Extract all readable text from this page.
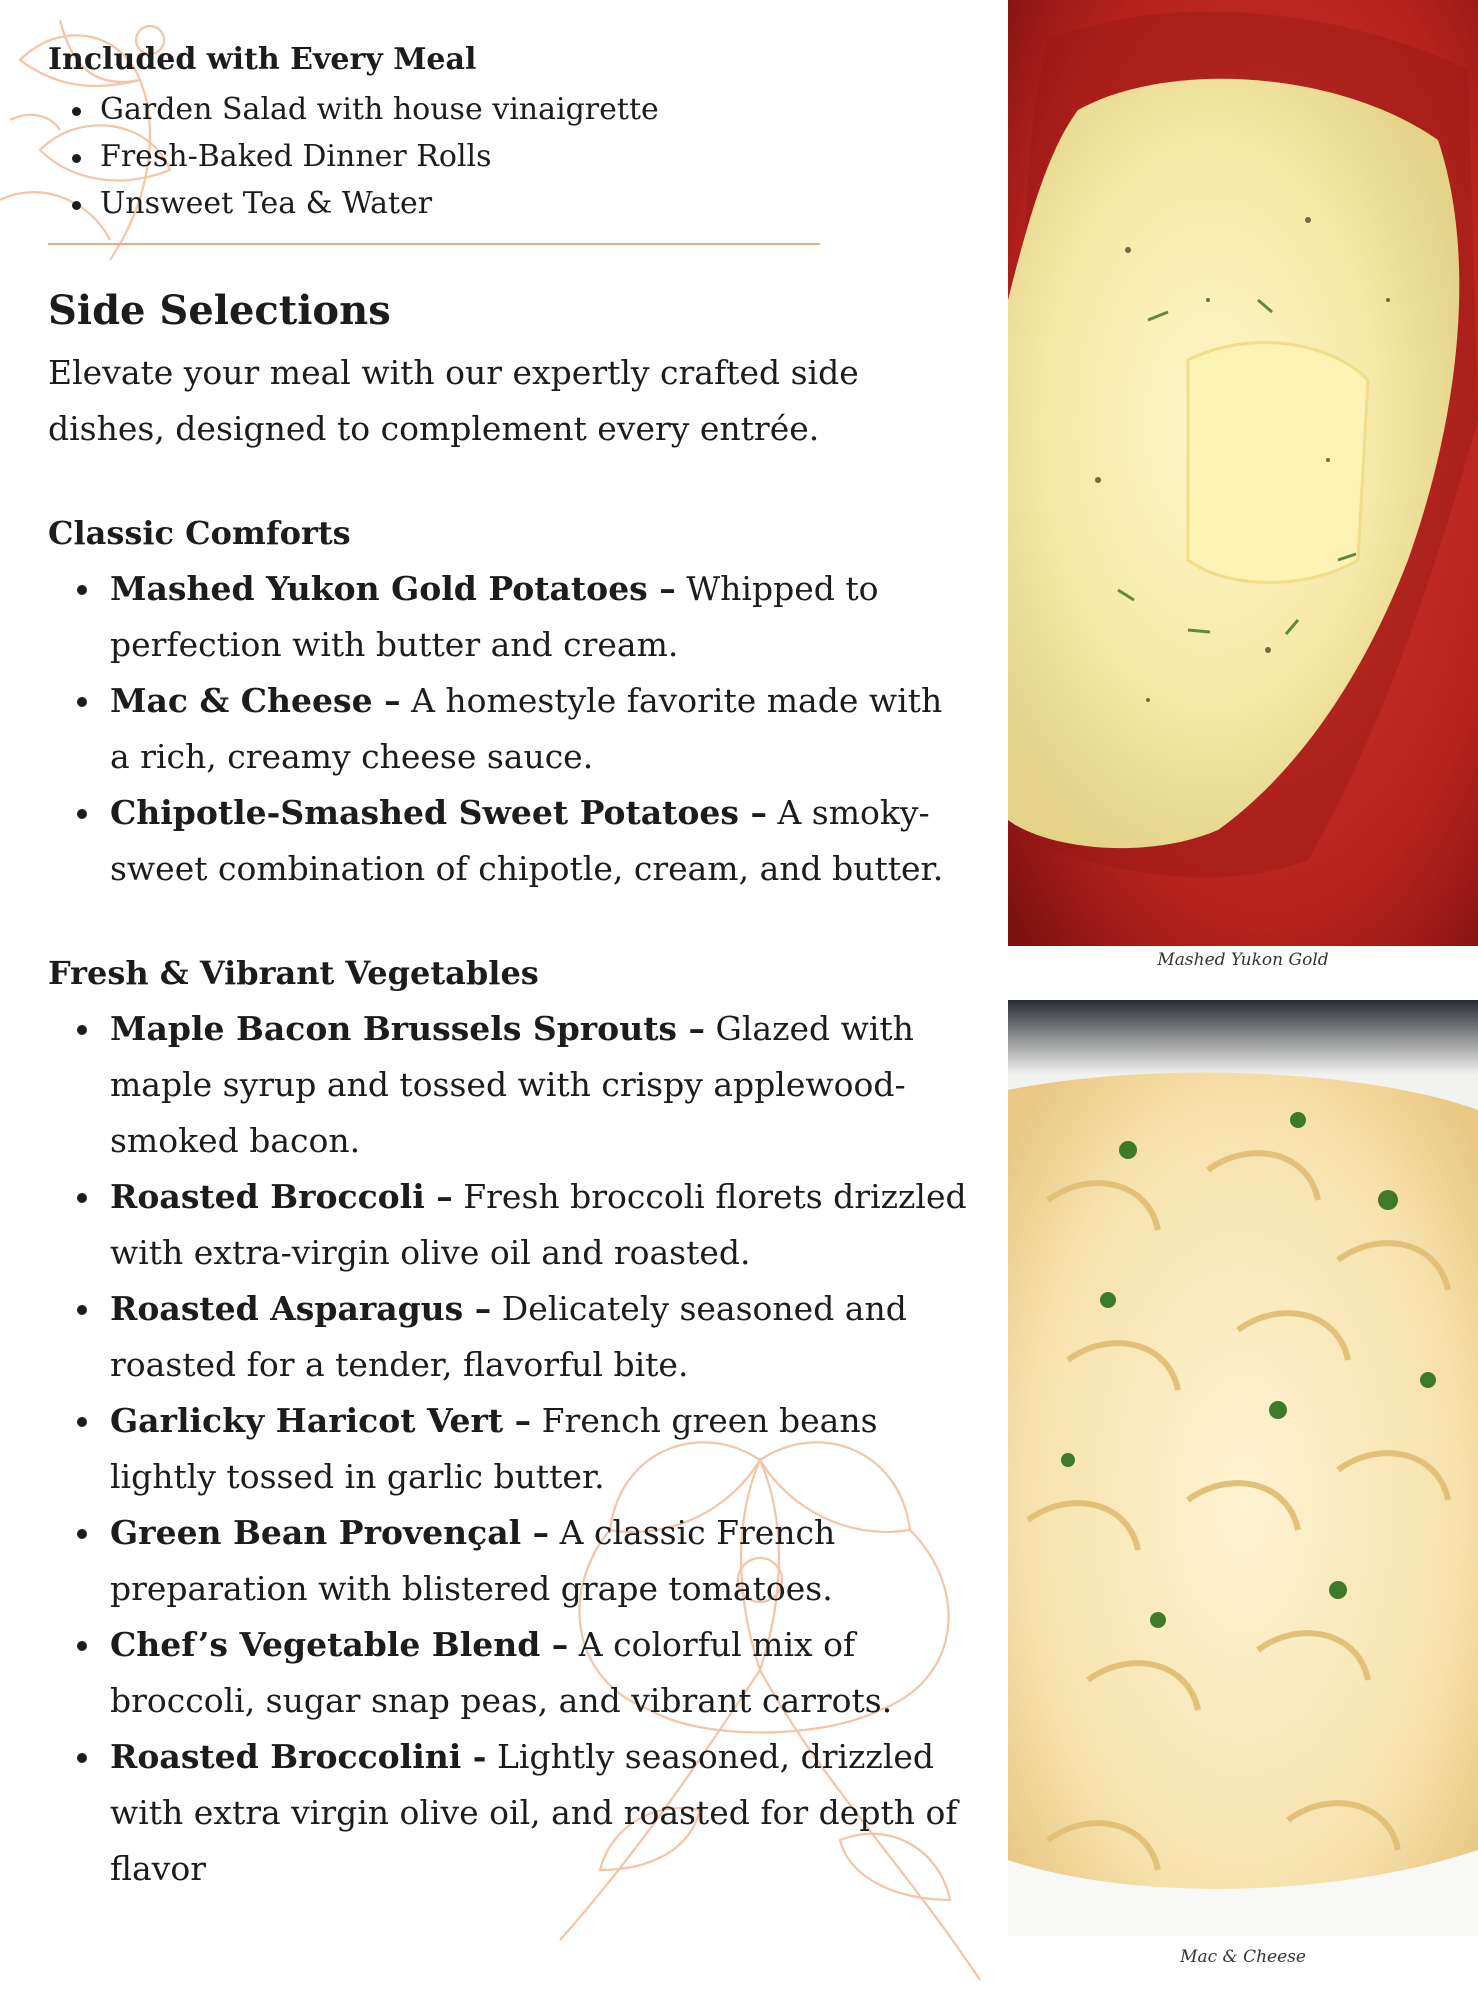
Included with Every Meal
Garden Salad with house vinaigrette
Fresh-Baked Dinner Rolls
Unsweet Tea & Water
Side Selections

Elevate your meal with our expertly crafted side dishes, designed to complement every entrée.

Classic Comforts
Mashed Yukon Gold Potatoes – Whipped to perfection with butter and cream.
Mac & Cheese – A homestyle favorite made with a rich, creamy cheese sauce.
Chipotle-Smashed Sweet Potatoes – A smoky-sweet combination of chipotle, cream, and butter.
Fresh & Vibrant Vegetables
Maple Bacon Brussels Sprouts – Glazed with maple syrup and tossed with crispy applewood-smoked bacon.
Roasted Broccoli – Fresh broccoli florets drizzled with extra-virgin olive oil and roasted.
Roasted Asparagus – Delicately seasoned and roasted for a tender, flavorful bite.
Garlicky Haricot Vert – French green beans lightly tossed in garlic butter.
Green Bean Provençal – A classic French preparation with blistered grape tomatoes.
Chef’s Vegetable Blend – A colorful mix of broccoli, sugar snap peas, and vibrant carrots.
Roasted Broccolini - Lightly seasoned, drizzled with extra virgin olive oil, and roasted for depth of flavor
Mashed Yukon Gold
Mac & Cheese
